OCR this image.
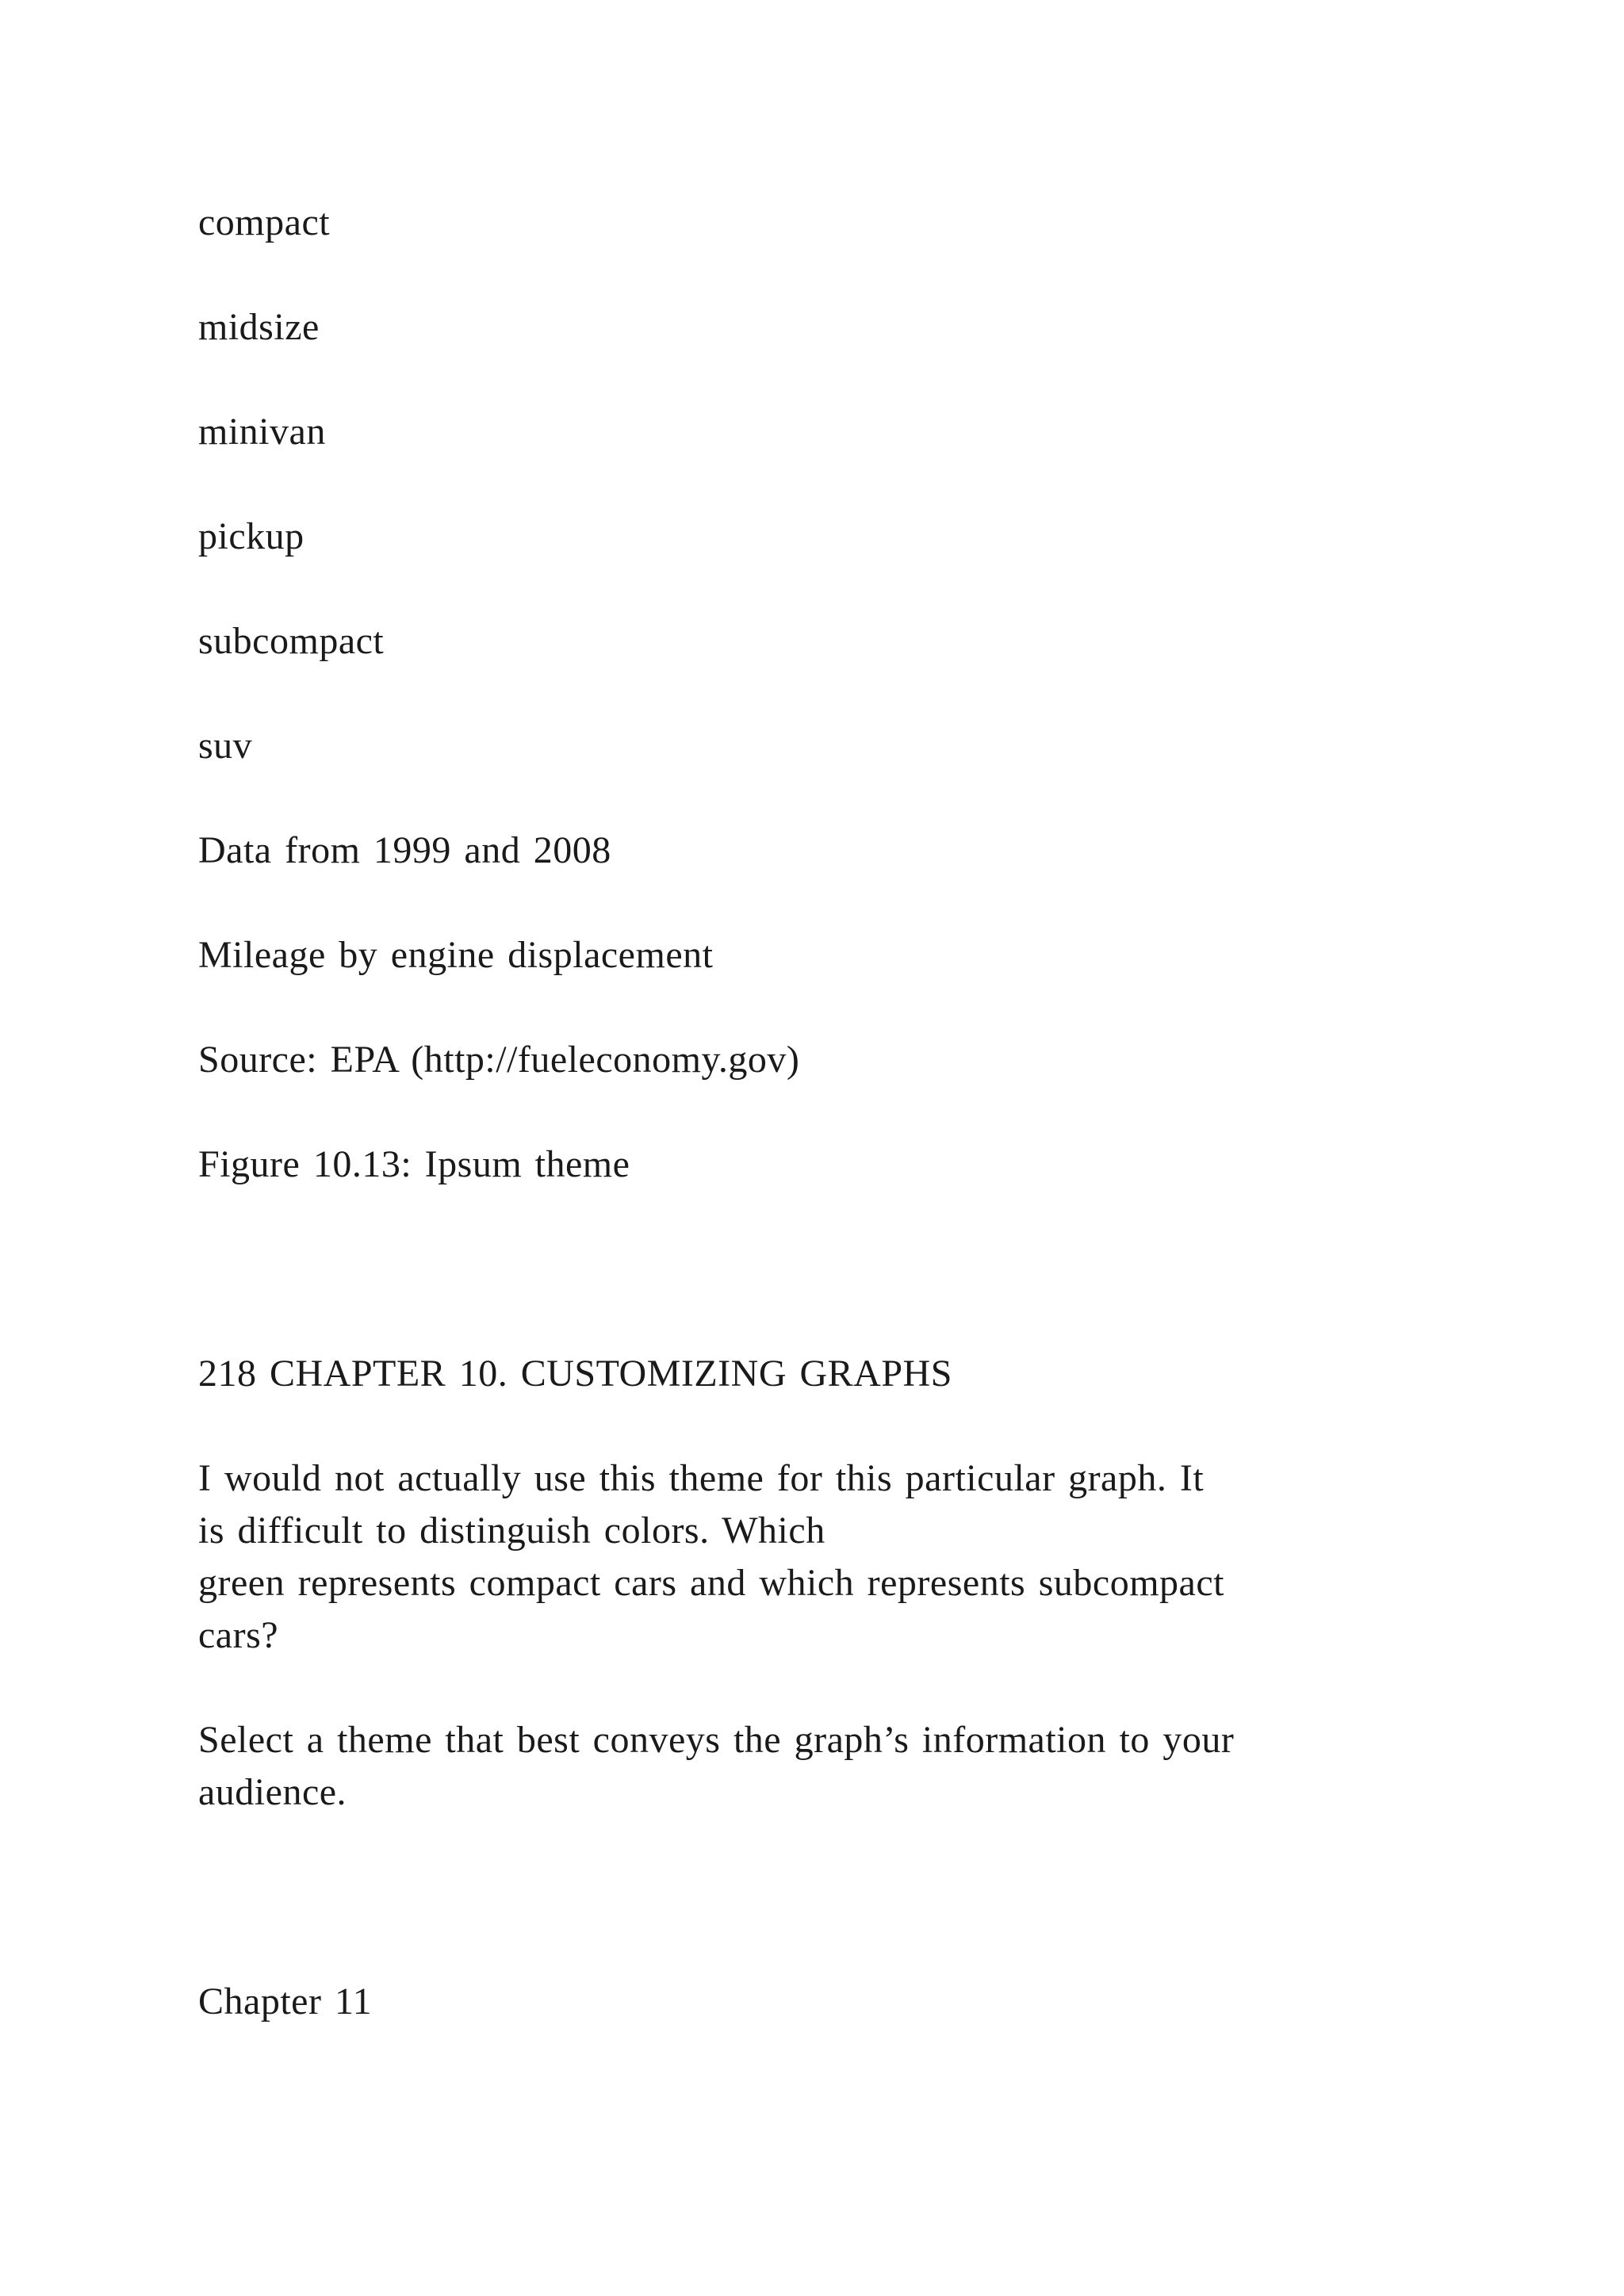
compact
midsize
minivan
pickup
subcompact
suv
Data from 1999 and 2008
Mileage by engine displacement
Source: EPA (http://fueleconomy.gov)
Figure 10.13: Ipsum theme
218 CHAPTER 10. CUSTOMIZING GRAPHS
I would not actually use this theme for this particular graph. It
is difficult to distinguish colors. Which
green represents compact cars and which represents subcompact
cars?
Select a theme that best conveys the graph’s information to your
audience.
Chapter 11
